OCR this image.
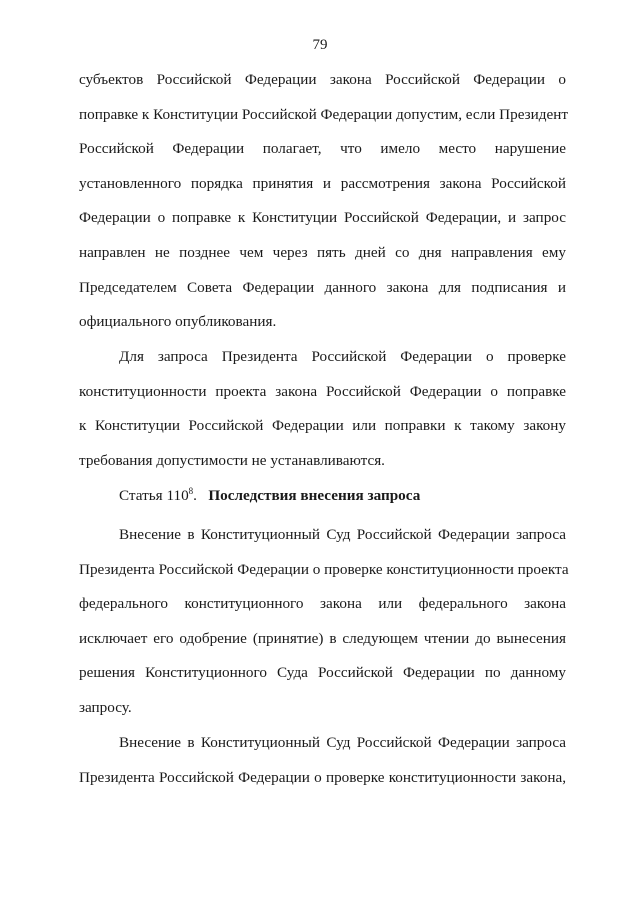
79
субъектов Российской Федерации закона Российской Федерации о
поправке к Конституции Российской Федерации допустим, если Президент
Российской Федерации полагает, что имело место нарушение
установленного порядка принятия и рассмотрения закона Российской
Федерации о поправке к Конституции Российской Федерации, и запрос
направлен не позднее чем через пять дней со дня направления ему
Председателем Совета Федерации данного закона для подписания и
официального опубликования.
Для запроса Президента Российской Федерации о проверке
конституционности проекта закона Российской Федерации о поправке
к Конституции Российской Федерации или поправки к такому закону
требования допустимости не устанавливаются.
Статья $110^8$. Последствия внесения запроса
Внесение в Конституционный Суд Российской Федерации запроса
Президента Российской Федерации о проверке конституционности проекта
федерального конституционного закона или федерального закона
исключает его одобрение (принятие) в следующем чтении до вынесения
решения Конституционного Суда Российской Федерации по данному
запросу.
Внесение в Конституционный Суд Российской Федерации запроса
Президента Российской Федерации о проверке конституционности закона,
